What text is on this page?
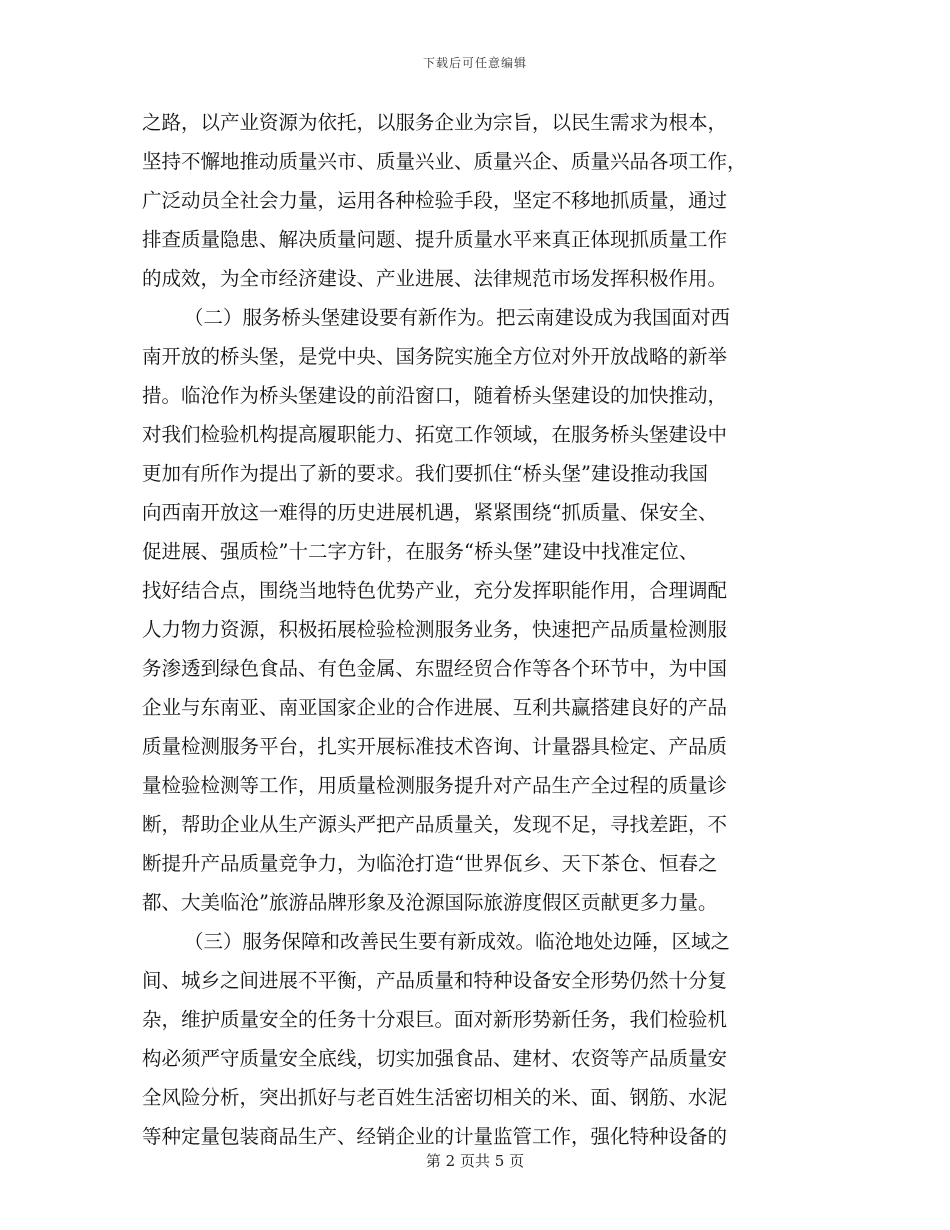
下载后可任意编辑
之路，以产业资源为依托，以服务企业为宗旨，以民生需求为根本，
坚持不懈地推动质量兴市、质量兴业、质量兴企、质量兴品各项工作，
广泛动员全社会力量，运用各种检验手段，坚定不移地抓质量，通过
排查质量隐患、解决质量问题、提升质量水平来真正体现抓质量工作
的成效，为全市经济建设、产业进展、法律规范市场发挥积极作用。
（二）服务桥头堡建设要有新作为。把云南建设成为我国面对西
南开放的桥头堡，是党中央、国务院实施全方位对外开放战略的新举
措。临沧作为桥头堡建设的前沿窗口，随着桥头堡建设的加快推动，
对我们检验机构提高履职能力、拓宽工作领域，在服务桥头堡建设中
更加有所作为提出了新的要求。我们要抓住“桥头堡”建设推动我国
向西南开放这一难得的历史进展机遇，紧紧围绕“抓质量、保安全、
促进展、强质检”十二字方针，在服务“桥头堡”建设中找准定位、
找好结合点，围绕当地特色优势产业，充分发挥职能作用，合理调配
人力物力资源，积极拓展检验检测服务业务，快速把产品质量检测服
务渗透到绿色食品、有色金属、东盟经贸合作等各个环节中，为中国
企业与东南亚、南亚国家企业的合作进展、互利共赢搭建良好的产品
质量检测服务平台，扎实开展标准技术咨询、计量器具检定、产品质
量检验检测等工作，用质量检测服务提升对产品生产全过程的质量诊
断，帮助企业从生产源头严把产品质量关，发现不足，寻找差距，不
断提升产品质量竞争力，为临沧打造“世界佤乡、天下茶仓、恒春之
都、大美临沧”旅游品牌形象及沧源国际旅游度假区贡献更多力量。
（三）服务保障和改善民生要有新成效。临沧地处边陲，区域之
间、城乡之间进展不平衡，产品质量和特种设备安全形势仍然十分复
杂，维护质量安全的任务十分艰巨。面对新形势新任务，我们检验机
构必须严守质量安全底线，切实加强食品、建材、农资等产品质量安
全风险分析，突出抓好与老百姓生活密切相关的米、面、钢筋、水泥
等种定量包装商品生产、经销企业的计量监管工作，强化特种设备的
第 2 页共 5 页
